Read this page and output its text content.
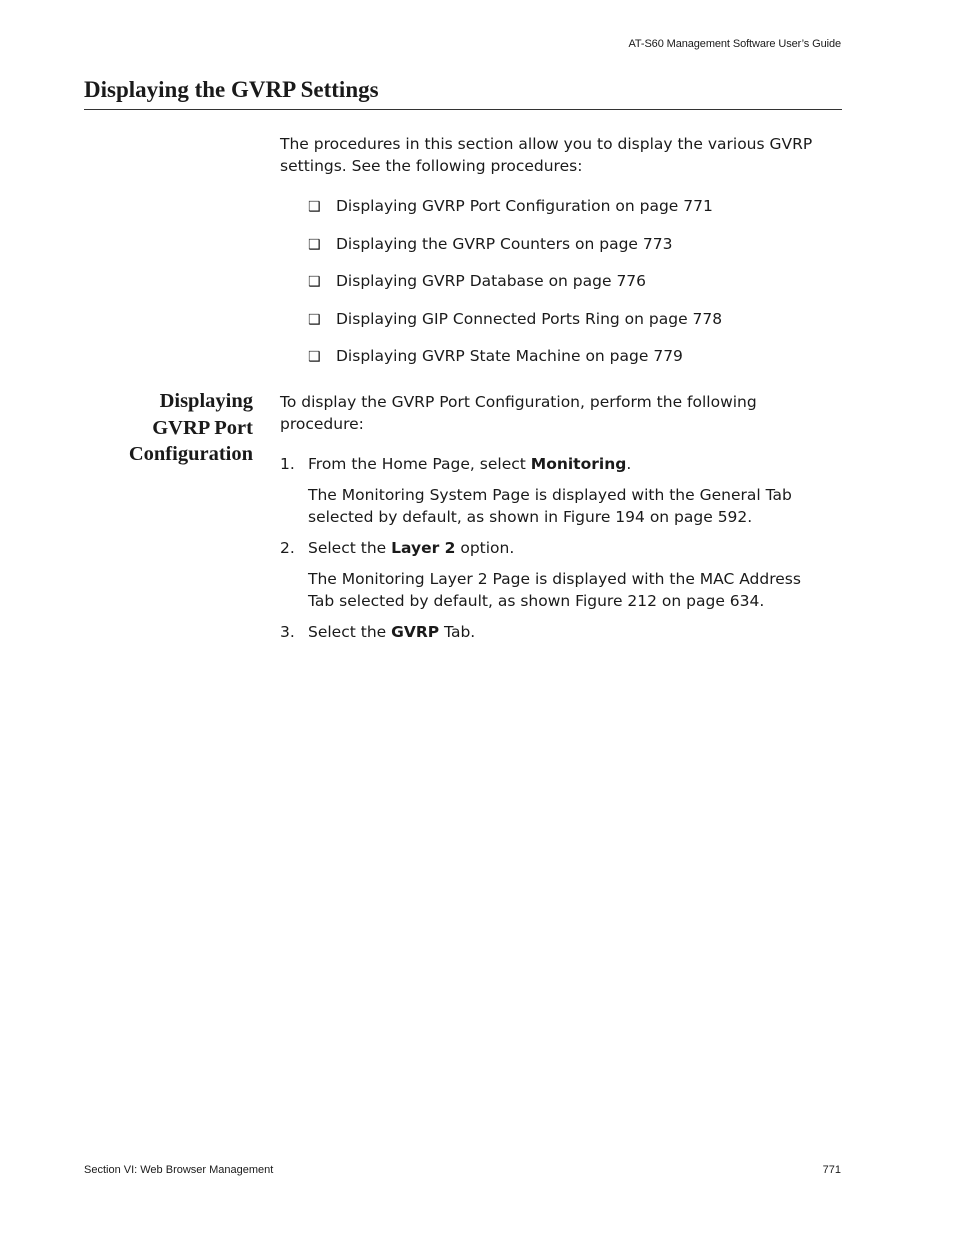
AT-S60 Management Software User’s Guide
Displaying the GVRP Settings

The procedures in this section allow you to display the various GVRP settings. See the following procedures:

❑ Displaying GVRP Port Configuration on page 771
❑ Displaying the GVRP Counters on page 773
❑ Displaying GVRP Database on page 776
❑ Displaying GIP Connected Ports Ring on page 778
❑ Displaying GVRP State Machine on page 779
Displaying
GVRP Port
Configuration

To display the GVRP Port Configuration, perform the following procedure:

1. From the Home Page, select Monitoring.

The Monitoring System Page is displayed with the General Tab selected by default, as shown in Figure 194 on page 592.

2. Select the Layer 2 option.

The Monitoring Layer 2 Page is displayed with the MAC Address Tab selected by default, as shown Figure 212 on page 634.

3. Select the GVRP Tab.
Section VI: Web Browser Management	771
